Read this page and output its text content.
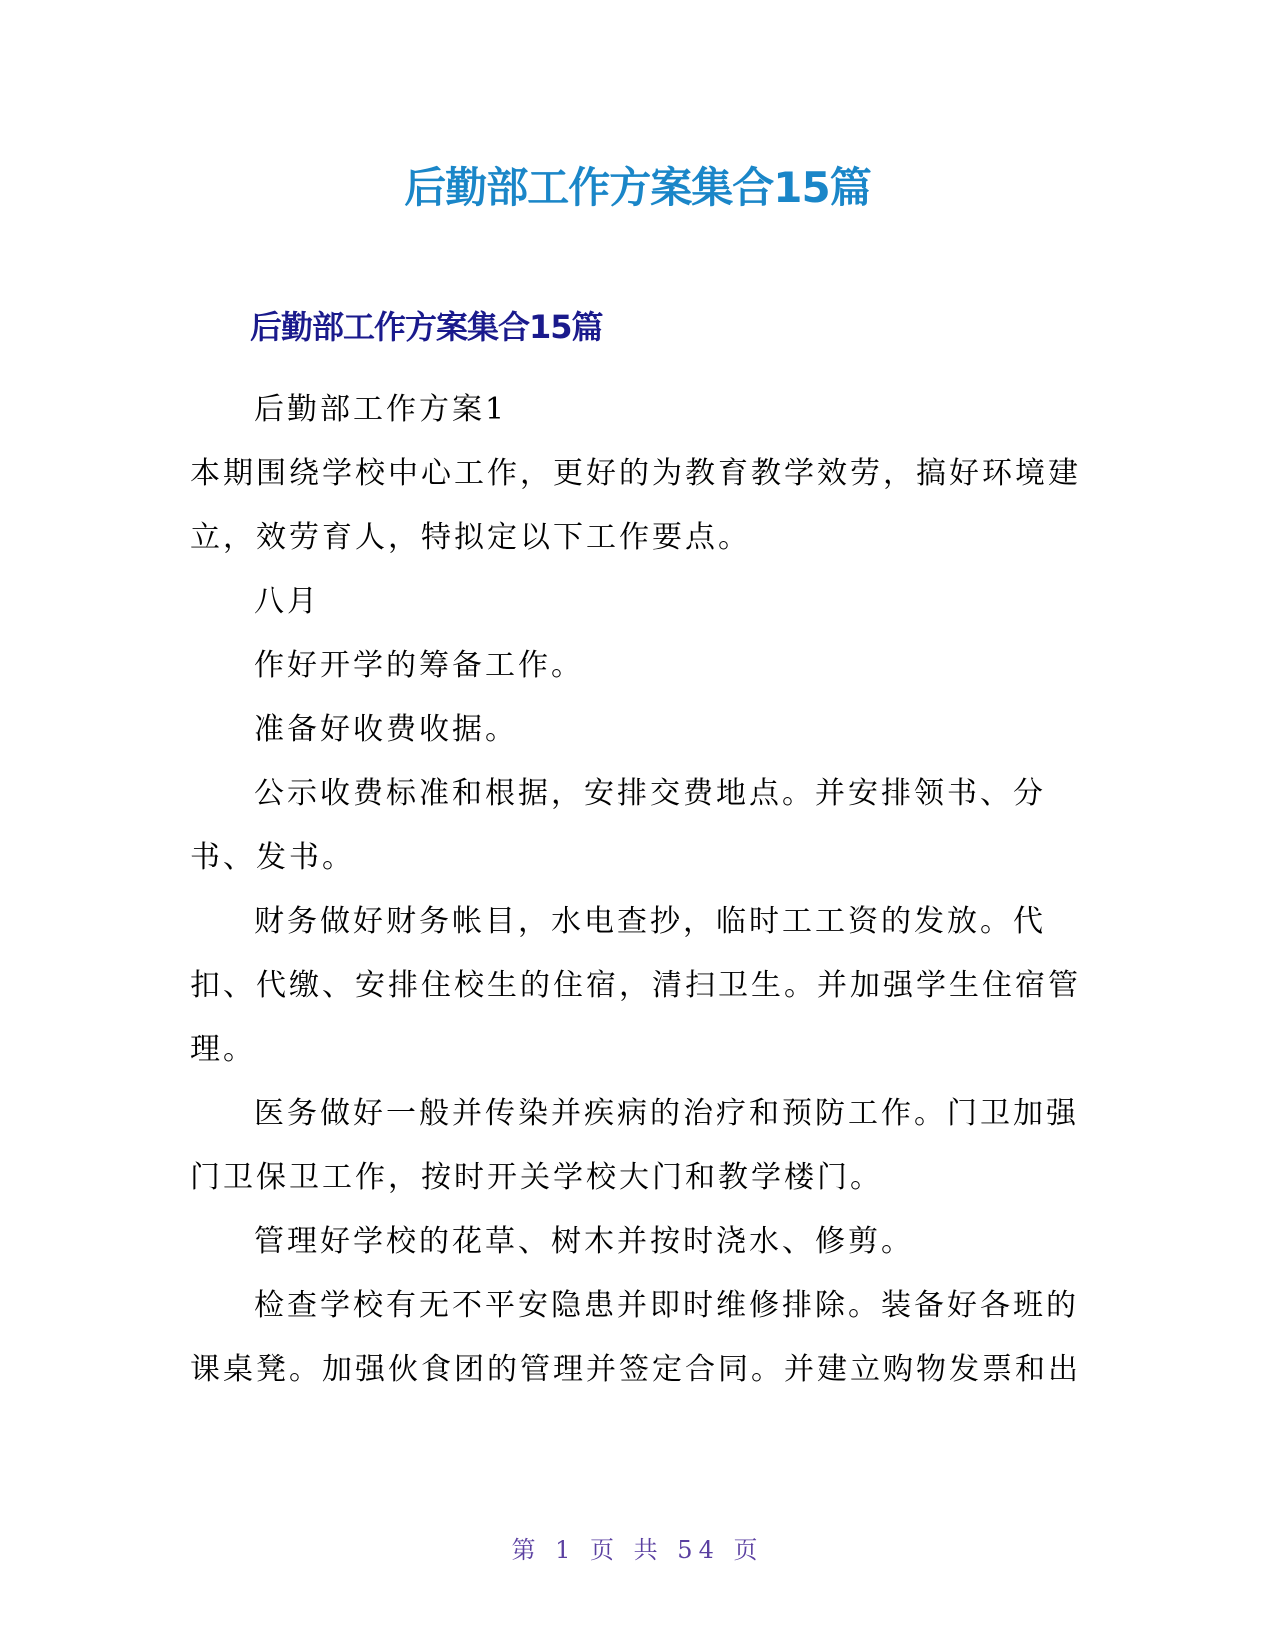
后勤部工作方案集合15篇
后勤部工作方案集合15篇

后勤部工作方案1

本期围绕学校中心工作，更好的为教育教学效劳，搞好环境建立，效劳育人，特拟定以下工作要点。

八月

作好开学的筹备工作。

准备好收费收据。

公示收费标准和根据，安排交费地点。并安排领书、分书、发书。

财务做好财务帐目，水电查抄，临时工工资的发放。代扣、代缴、安排住校生的住宿，清扫卫生。并加强学生住宿管理。

医务做好一般并传染并疾病的治疗和预防工作。门卫加强门卫保卫工作，按时开关学校大门和教学楼门。

管理好学校的花草、树木并按时浇水、修剪。

检查学校有无不平安隐患并即时维修排除。装备好各班的课桌凳。加强伙食团的管理并签定合同。并建立购物发票和出

第 1 页 共 54 页
